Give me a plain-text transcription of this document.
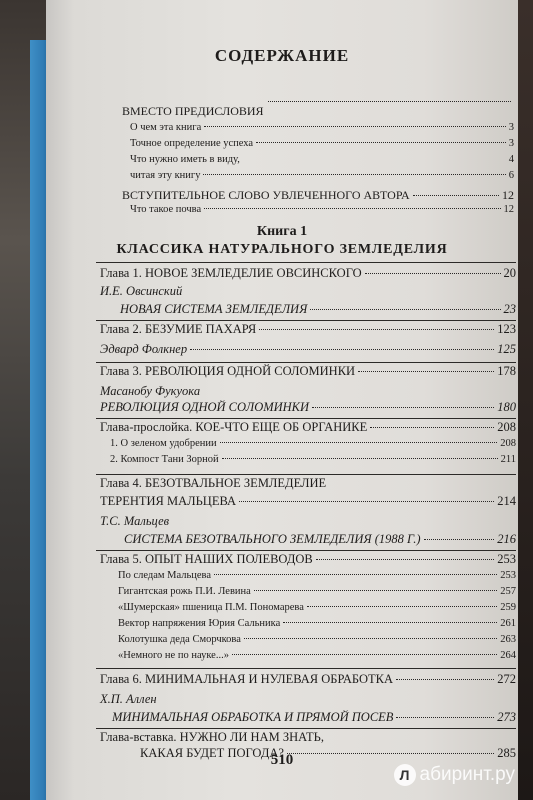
СОДЕРЖАНИЕ
ВМЕСТО ПРЕДИСЛОВИЯ
О чем эта книга	3
Точное определение успеха	3
Что нужно иметь в виду,	4
читая эту книгу	6
ВСТУПИТЕЛЬНОЕ СЛОВО УВЛЕЧЕННОГО АВТОРА	12
Что такое почва	12
Книга 1
КЛАССИКА НАТУРАЛЬНОГО ЗЕМЛЕДЕЛИЯ
Глава 1. НОВОЕ ЗЕМЛЕДЕЛИЕ ОВСИНСКОГО	20
И.Е. Овсинский
НОВАЯ СИСТЕМА ЗЕМЛЕДЕЛИЯ	23
Глава 2. БЕЗУМИЕ ПАХАРЯ	123
Эдвард Фолкнер	125
Глава 3. РЕВОЛЮЦИЯ ОДНОЙ СОЛОМИНКИ	178
Масанобу Фукуока
РЕВОЛЮЦИЯ ОДНОЙ СОЛОМИНКИ	180
Глава-прослойка. КОЕ-ЧТО ЕЩЕ ОБ ОРГАНИКЕ	208
1. О зеленом удобрении	208
2. Компост Тани Зорной	211
Глава 4. БЕЗОТВАЛЬНОЕ ЗЕМЛЕДЕЛИЕ
ТЕРЕНТИЯ МАЛЬЦЕВА	214
Т.С. Мальцев
СИСТЕМА БЕЗОТВАЛЬНОГО ЗЕМЛЕДЕЛИЯ (1988 Г.)	216
Глава 5. ОПЫТ НАШИХ ПОЛЕВОДОВ	253
По следам Мальцева	253
Гигантская рожь П.И. Левина	257
«Шумерская» пшеница П.М. Пономарева	259
Вектор напряжения Юрия Сальника	261
Колотушка деда Сморчкова	263
«Немного не по науке...»	264
Глава 6. МИНИМАЛЬНАЯ И НУЛЕВАЯ ОБРАБОТКА	272
Х.П. Аллен
МИНИМАЛЬНАЯ ОБРАБОТКА И ПРЯМОЙ ПОСЕВ	273
Глава-вставка. НУЖНО ЛИ НАМ ЗНАТЬ,
КАКАЯ БУДЕТ ПОГОДА?	285
510
Л абиринт.ру
